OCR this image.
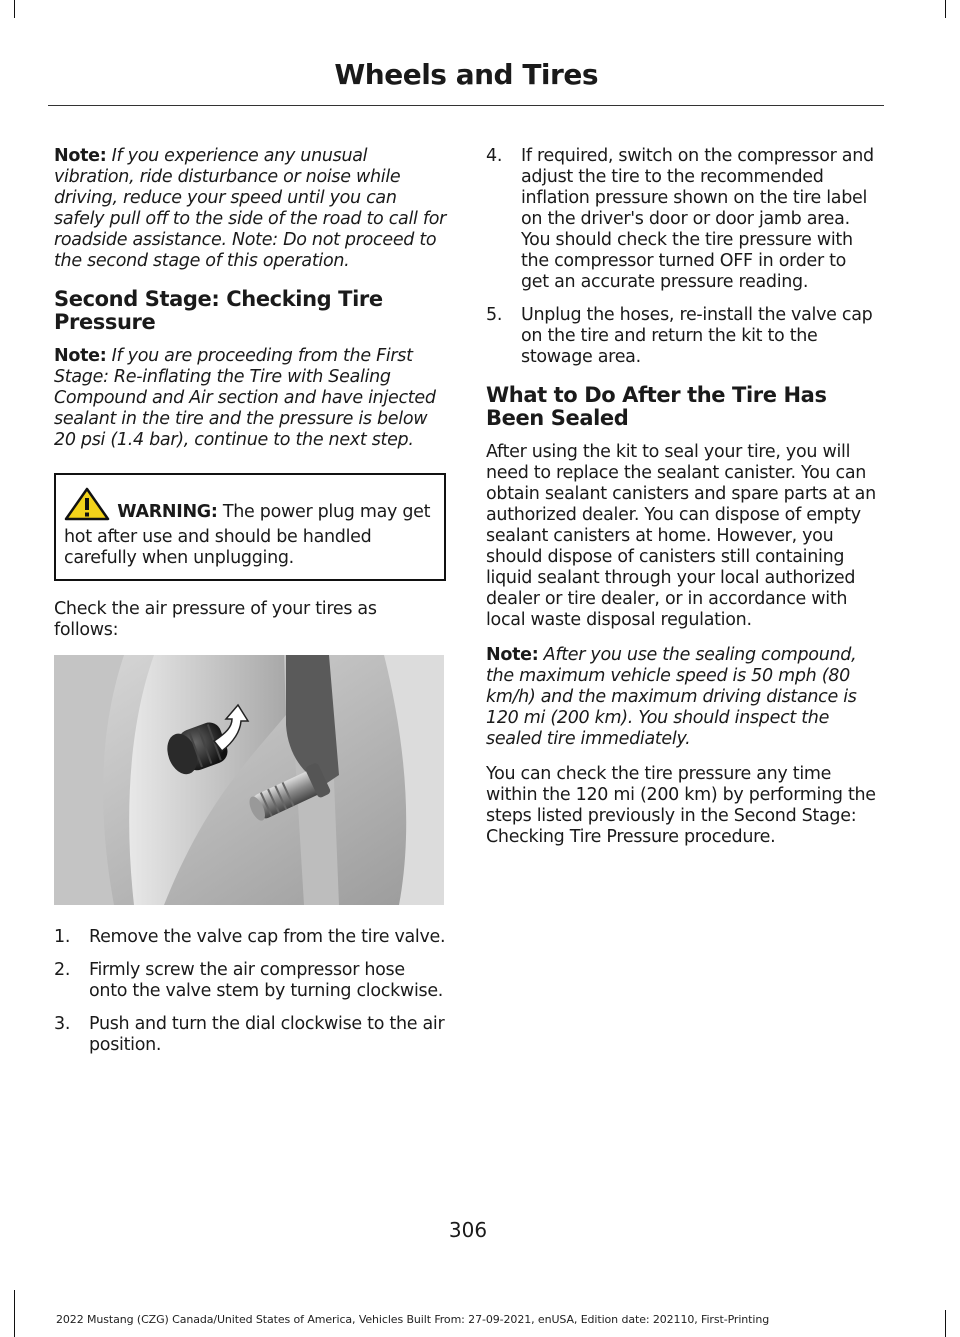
Wheels and Tires

Note: If you experience any unusual vibration, ride disturbance or noise while driving, reduce your speed until you can safely pull off to the side of the road to call for roadside assistance. Note: Do not proceed to the second stage of this operation.

Second Stage: Checking Tire Pressure

Note: If you are proceeding from the First Stage: Re-inflating the Tire with Sealing Compound and Air section and have injected sealant in the tire and the pressure is below 20 psi (1.4 bar), continue to the next step.

WARNING: The power plug may get hot after use and should be handled carefully when unplugging.

Check the air pressure of your tires as follows:

1. Remove the valve cap from the tire valve.
2. Firmly screw the air compressor hose onto the valve stem by turning clockwise.
3. Push and turn the dial clockwise to the air position.
4. If required, switch on the compressor and adjust the tire to the recommended inflation pressure shown on the tire label on the driver's door or door jamb area. You should check the tire pressure with the compressor turned OFF in order to get an accurate pressure reading.
5. Unplug the hoses, re-install the valve cap on the tire and return the kit to the stowage area.
What to Do After the Tire Has Been Sealed

After using the kit to seal your tire, you will need to replace the sealant canister. You can obtain sealant canisters and spare parts at an authorized dealer. You can dispose of empty sealant canisters at home. However, you should dispose of canisters still containing liquid sealant through your local authorized dealer or tire dealer, or in accordance with local waste disposal regulation.

Note: After you use the sealing compound, the maximum vehicle speed is 50 mph (80 km/h) and the maximum driving distance is 120 mi (200 km). You should inspect the sealed tire immediately.

You can check the tire pressure any time within the 120 mi (200 km) by performing the steps listed previously in the Second Stage: Checking Tire Pressure procedure.

306
2022 Mustang (CZG) Canada/United States of America, Vehicles Built From: 27-09-2021, enUSA, Edition date: 202110, First-Printing
